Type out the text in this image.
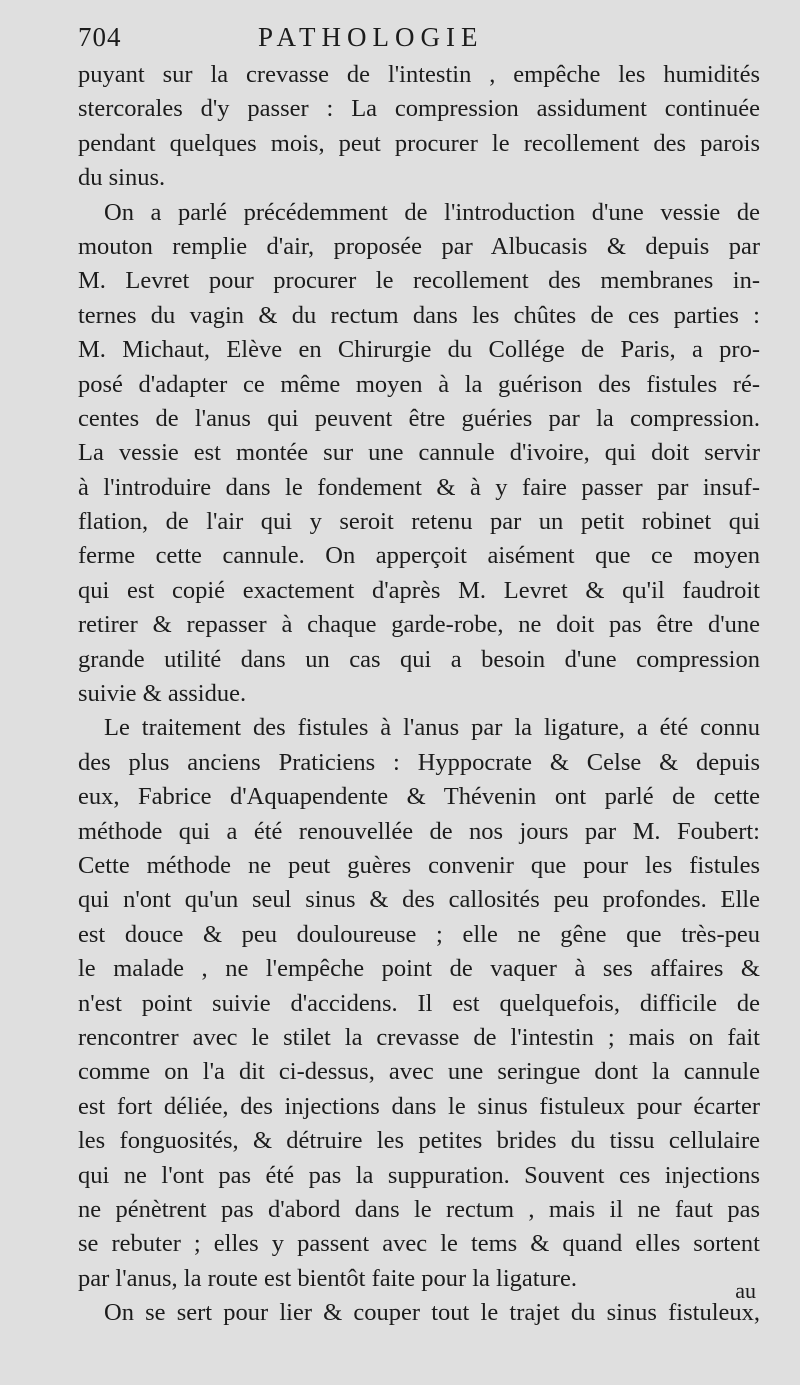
704	PATHOLOGIE
puyant sur la crevasse de l'intestin , empêche les humidités
stercorales d'y passer : La compression assidument continuée
pendant quelques mois, peut procurer le recollement des parois
du sinus.
On a parlé précédemment de l'introduction d'une vessie de
mouton remplie d'air, proposée par Albucasis & depuis par
M. Levret pour procurer le recollement des membranes in-
ternes du vagin & du rectum dans les chûtes de ces parties :
M. Michaut, Elève en Chirurgie du Collége de Paris, a pro-
posé d'adapter ce même moyen à la guérison des fistules ré-
centes de l'anus qui peuvent être guéries par la compression.
La vessie est montée sur une cannule d'ivoire, qui doit servir
à l'introduire dans le fondement & à y faire passer par insuf-
flation, de l'air qui y seroit retenu par un petit robinet qui
ferme cette cannule. On apperçoit aisément que ce moyen
qui est copié exactement d'après M. Levret & qu'il faudroit
retirer & repasser à chaque garde-robe, ne doit pas être d'une
grande utilité dans un cas qui a besoin d'une compression
suivie & assidue.
Le traitement des fistules à l'anus par la ligature, a été connu
des plus anciens Praticiens : Hyppocrate & Celse & depuis
eux, Fabrice d'Aquapendente & Thévenin ont parlé de cette
méthode qui a été renouvellée de nos jours par M. Foubert:
Cette méthode ne peut guères convenir que pour les fistules
qui n'ont qu'un seul sinus & des callosités peu profondes. Elle
est douce & peu douloureuse ; elle ne gêne que très-peu
le malade , ne l'empêche point de vaquer à ses affaires &
n'est point suivie d'accidens. Il est quelquefois, difficile de
rencontrer avec le stilet la crevasse de l'intestin ; mais on fait
comme on l'a dit ci-dessus, avec une seringue dont la cannule
est fort déliée, des injections dans le sinus fistuleux pour écarter
les fonguosités, & détruire les petites brides du tissu cellulaire
qui ne l'ont pas été pas la suppuration. Souvent ces injections
ne pénètrent pas d'abord dans le rectum , mais il ne faut pas
se rebuter ; elles y passent avec le tems & quand elles sortent
par l'anus, la route est bientôt faite pour la ligature.
On se sert pour lier & couper tout le trajet du sinus fistuleux,
au
